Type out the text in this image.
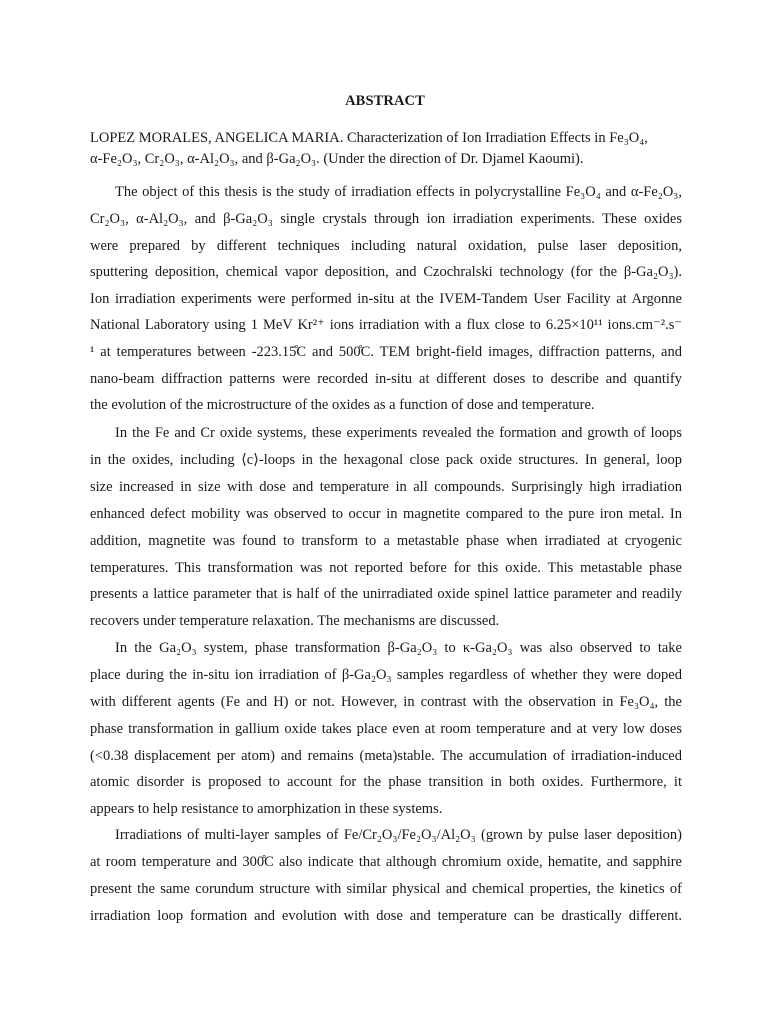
ABSTRACT
LOPEZ MORALES, ANGELICA MARIA. Characterization of Ion Irradiation Effects in Fe₃O₄,
α-Fe₂O₃, Cr₂O₃, α-Al₂O₃, and β-Ga₂O₃. (Under the direction of Dr. Djamel Kaoumi).
The object of this thesis is the study of irradiation effects in polycrystalline Fe₃O₄ and α-Fe₂O₃,
Cr₂O₃, α-Al₂O₃, and β-Ga₂O₃ single crystals through ion irradiation experiments. These oxides
were prepared by different techniques including natural oxidation, pulse laser deposition,
sputtering deposition, chemical vapor deposition, and Czochralski technology (for the β-Ga₂O₃).
Ion irradiation experiments were performed in-situ at the IVEM-Tandem User Facility at Argonne
National Laboratory using 1 MeV Kr²⁺ ions irradiation with a flux close to 6.25×10¹¹ ions.cm⁻².s⁻
¹ at temperatures between -223.15̊C and 500̊C. TEM bright-field images, diffraction patterns, and
nano-beam diffraction patterns were recorded in-situ at different doses to describe and quantify
the evolution of the microstructure of the oxides as a function of dose and temperature.
In the Fe and Cr oxide systems, these experiments revealed the formation and growth of loops
in the oxides, including ⟨c⟩-loops in the hexagonal close pack oxide structures. In general, loop
size increased in size with dose and temperature in all compounds. Surprisingly high irradiation
enhanced defect mobility was observed to occur in magnetite compared to the pure iron metal. In
addition, magnetite was found to transform to a metastable phase when irradiated at cryogenic
temperatures. This transformation was not reported before for this oxide. This metastable phase
presents a lattice parameter that is half of the unirradiated oxide spinel lattice parameter and readily
recovers under temperature relaxation. The mechanisms are discussed.
In the Ga₂O₃ system, phase transformation β-Ga₂O₃ to κ-Ga₂O₃ was also observed to take
place during the in-situ ion irradiation of β-Ga₂O₃ samples regardless of whether they were doped
with different agents (Fe and H) or not. However, in contrast with the observation in Fe₃O₄, the
phase transformation in gallium oxide takes place even at room temperature and at very low doses
(<0.38 displacement per atom) and remains (meta)stable. The accumulation of irradiation-induced
atomic disorder is proposed to account for the phase transition in both oxides. Furthermore, it
appears to help resistance to amorphization in these systems.
Irradiations of multi-layer samples of Fe/Cr₂O₃/Fe₂O₃/Al₂O₃ (grown by pulse laser deposition)
at room temperature and 300̊C also indicate that although chromium oxide, hematite, and sapphire
present the same corundum structure with similar physical and chemical properties, the kinetics of
irradiation loop formation and evolution with dose and temperature can be drastically different.
